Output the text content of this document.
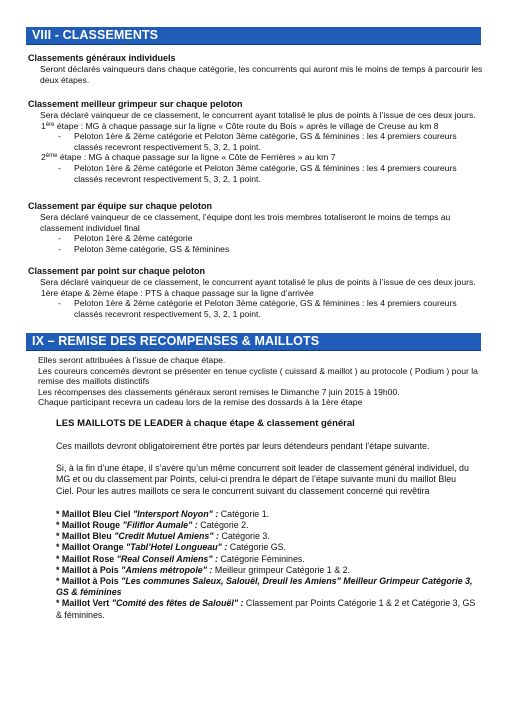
VIII - CLASSEMENTS
Classements généraux individuels

Seront déclarés vainqueurs dans chaque catégorie, les concurrents qui auront mis le moins de temps à parcourir les deux étapes.

Classement meilleur grimpeur sur chaque peloton

Sera déclaré vainqueur de ce classement, le concurrent ayant totalisé le plus de points à l’issue de ces deux jours.

1ère étape : MG à chaque passage sur la ligne « Côte route du Bois » après le village de Creuse au km 8
-	Peloton 1ère & 2ème catégorie et Peloton 3ème catégorie, GS & féminines : les 4 premiers coureurs classés recevront respectivement 5, 3, 2, 1 point.
2ème étape : MG à chaque passage sur la ligne « Côte de Ferrières » au km 7
-	Peloton 1ère & 2ème catégorie et Peloton 3ème catégorie, GS & féminines : les 4 premiers coureurs classés recevront respectivement 5, 3, 2, 1 point.
Classement par équipe sur chaque peloton

Sera déclaré vainqueur de ce classement, l’équipe dont les trois membres totaliseront le moins de temps au classement individuel final

-	Peloton 1ère & 2ème catégorie
-	Peloton 3ème catégorie, GS & féminines
Classement par point sur chaque peloton

Sera déclaré vainqueur de ce classement, le concurrent ayant totalisé le plus de points à l’issue de ces deux jours.

1ère étape & 2ème étape : PTS à chaque passage sur la ligne d’arrivée
-	Peloton 1ère & 2ème catégorie et Peloton 3ème catégorie, GS & féminines : les 4 premiers coureurs classés recevront respectivement 5, 3, 2, 1 point.
IX – REMISE DES RECOMPENSES & MAILLOTS

Elles seront attribuées à l’issue de chaque étape.

Les coureurs concernés devront se présenter en tenue cycliste ( cuissard & maillot ) au protocole ( Podium ) pour la remise des maillots distinctifs

Les récompenses des classements généraux seront remises le Dimanche 7 juin 2015 à 19h00.

Chaque participant recevra un cadeau lors de la remise des dossards à la 1ère étape

LES MAILLOTS DE LEADER à chaque étape & classement général

Ces maillots devront obligatoirement être portés par leurs détendeurs pendant l’étape suivante.

Si, à la fin d’une étape, il s’avère qu’un même concurrent soit leader de classement général individuel, du MG et ou du classement par Points, celui-ci prendra le départ de l’étape suivante muni du maillot Bleu Ciel. Pour les autres maillots ce sera le concurrent suivant du classement concerné qui revêtira

* Maillot Bleu Ciel "Intersport Noyon" : Catégorie 1.

* Maillot Rouge "Filiflor Aumale" : Catégorie 2.

* Maillot Bleu "Credit Mutuel Amiens" : Catégorie 3.

* Maillot Orange "Tabl’Hotel Longueau" : Catégorie GS.

* Maillot Rose "Real Conseil Amiens" : Catégorie Féminines.

* Maillot à Pois "Amiens métropole" : Meilleur grimpeur Catégorie 1 & 2.

* Maillot à Pois "Les communes Saleux, Salouël, Dreuil les Amiens" Meilleur Grimpeur Catégorie 3, GS & féminines

* Maillot Vert "Comité des fêtes de Salouël" : Classement par Points Catégorie 1 & 2 et Catégorie 3, GS & féminines.
